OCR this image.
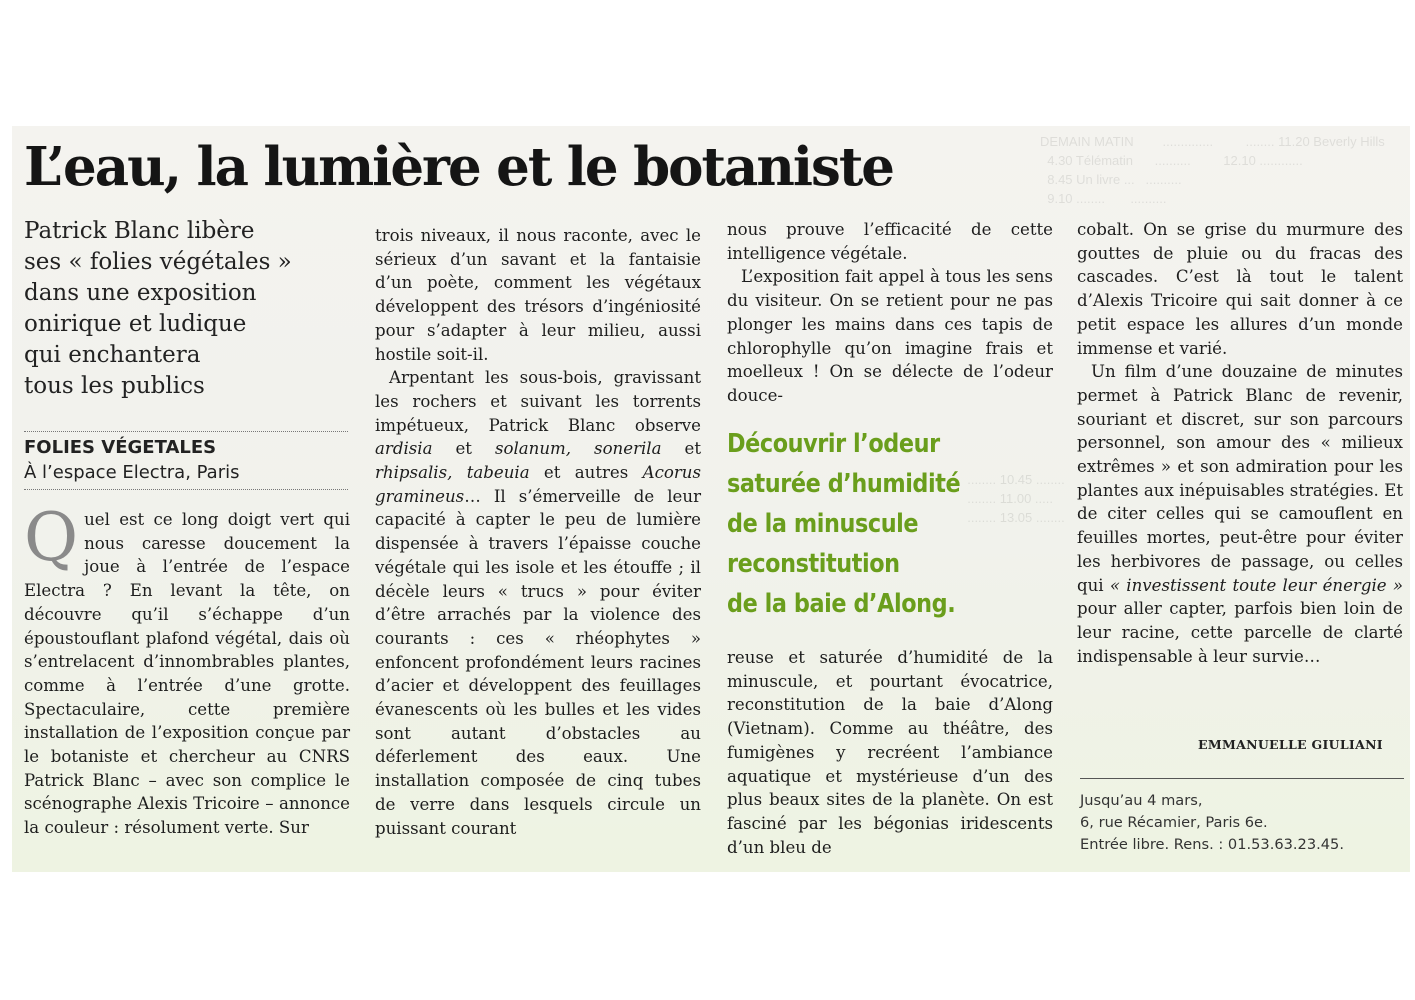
DEMAIN MATIN        ..............         ........ 11.20 Beverly Hills
4.30 Télématin      ..........         12.10 ............
8.45 Un livre ...   ..........
9.10 ........       ..........
........ 10.45 ........
........ 11.00 .....
........ 13.05 ........
L’eau, la lumière et le botaniste
Patrick Blanc libère
ses « folies végétales »
dans une exposition
onirique et ludique
qui enchantera
tous les publics
FOLIES VÉGETALES
À l’espace Electra, Paris

Quel est ce long doigt vert qui nous caresse doucement la joue à l’entrée de l’espace Electra ? En levant la tête, on découvre qu’il s’échappe d’un époustouflant plafond végétal, dais où s’entrelacent d’innombrables plantes, comme à l’entrée d’une grotte. Spectaculaire, cette première installation de l’exposition conçue par le botaniste et chercheur au CNRS Patrick Blanc – avec son complice le scénographe Alexis Tricoire – annonce la couleur : résolument verte. Sur

trois niveaux, il nous raconte, avec le sérieux d’un savant et la fantaisie d’un poète, comment les végétaux développent des trésors d’ingéniosité pour s’adapter à leur milieu, aussi hostile soit-il.

Arpentant les sous-bois, gravissant les rochers et suivant les torrents impétueux, Patrick Blanc observe ardisia et solanum, sonerila et rhipsalis, tabeuia et autres Acorus gramineus… Il s’émerveille de leur capacité à capter le peu de lumière dispensée à travers l’épaisse couche végétale qui les isole et les étouffe ; il décèle leurs « trucs » pour éviter d’être arrachés par la violence des courants : ces « rhéophytes » enfoncent profondément leurs racines d’acier et développent des feuillages évanescents où les bulles et les vides sont autant d’obstacles au déferlement des eaux. Une installation composée de cinq tubes de verre dans lesquels circule un puissant courant

nous prouve l’efficacité de cette intelligence végétale.

L’exposition fait appel à tous les sens du visiteur. On se retient pour ne pas plonger les mains dans ces tapis de chlorophylle qu’on imagine frais et moelleux ! On se délecte de l’odeur douce-

Découvrir l’odeur
saturée d’humidité
de la minuscule
reconstitution
de la baie d’Along.

reuse et saturée d’humidité de la minuscule, et pourtant évocatrice, reconstitution de la baie d’Along (Vietnam). Comme au théâtre, des fumigènes y recréent l’ambiance aquatique et mystérieuse d’un des plus beaux sites de la planète. On est fasciné par les bégonias iridescents d’un bleu de

cobalt. On se grise du murmure des gouttes de pluie ou du fracas des cascades. C’est là tout le talent d’Alexis Tricoire qui sait donner à ce petit espace les allures d’un monde immense et varié.

Un film d’une douzaine de minutes permet à Patrick Blanc de revenir, souriant et discret, sur son parcours personnel, son amour des « milieux extrêmes » et son admiration pour les plantes aux inépuisables stratégies. Et de citer celles qui se camouflent en feuilles mortes, peut-être pour éviter les herbivores de passage, ou celles qui « investissent toute leur énergie » pour aller capter, parfois bien loin de leur racine, cette parcelle de clarté indispensable à leur survie…

EMMANUELLE GIULIANI
Jusqu’au 4 mars,
6, rue Récamier, Paris 6e.
Entrée libre. Rens. : 01.53.63.23.45.
